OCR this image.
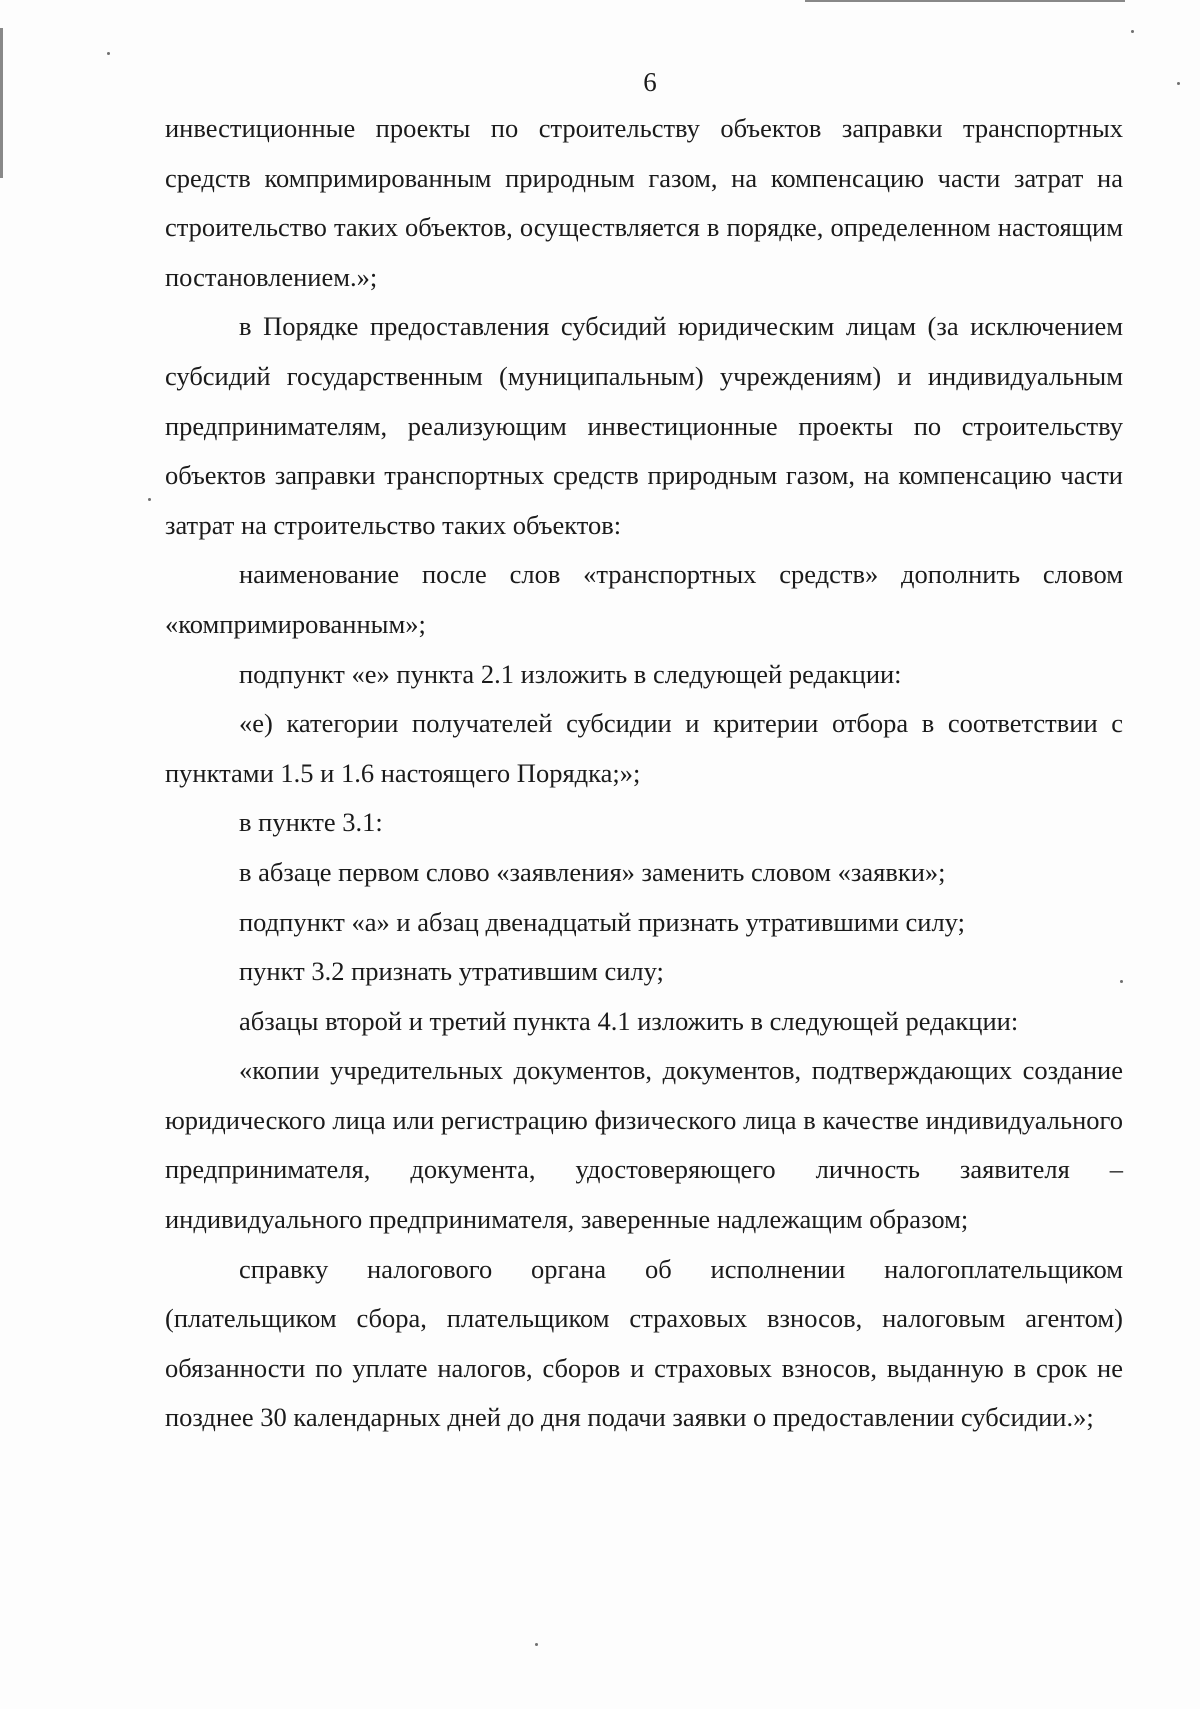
6

инвестиционные проекты по строительству объектов заправки транспортных средств компримированным природным газом, на компенсацию части затрат на строительство таких объектов, осуществляется в порядке, определенном настоящим постановлением.»;

в Порядке предоставления субсидий юридическим лицам (за исключением субсидий государственным (муниципальным) учреждениям) и индивидуальным предпринимателям, реализующим инвестиционные проекты по строительству объектов заправки транспортных средств природным газом, на компенсацию части затрат на строительство таких объектов:

наименование после слов «транспортных средств» дополнить словом «компримированным»;

подпункт «е» пункта 2.1 изложить в следующей редакции:

«е) категории получателей субсидии и критерии отбора в соответствии с пунктами 1.5 и 1.6 настоящего Порядка;»;

в пункте 3.1:

в абзаце первом слово «заявления» заменить словом «заявки»;

подпункт «а» и абзац двенадцатый признать утратившими силу;

пункт 3.2 признать утратившим силу;

абзацы второй и третий пункта 4.1 изложить в следующей редакции:

«копии учредительных документов, документов, подтверждающих создание юридического лица или регистрацию физического лица в качестве индивидуального предпринимателя, документа, удостоверяющего личность заявителя – индивидуального предпринимателя, заверенные надлежащим образом;

справку налогового органа об исполнении налогоплательщиком (плательщиком сбора, плательщиком страховых взносов, налоговым агентом) обязанности по уплате налогов, сборов и страховых взносов, выданную в срок не позднее 30 календарных дней до дня подачи заявки о предоставлении субсидии.»;
